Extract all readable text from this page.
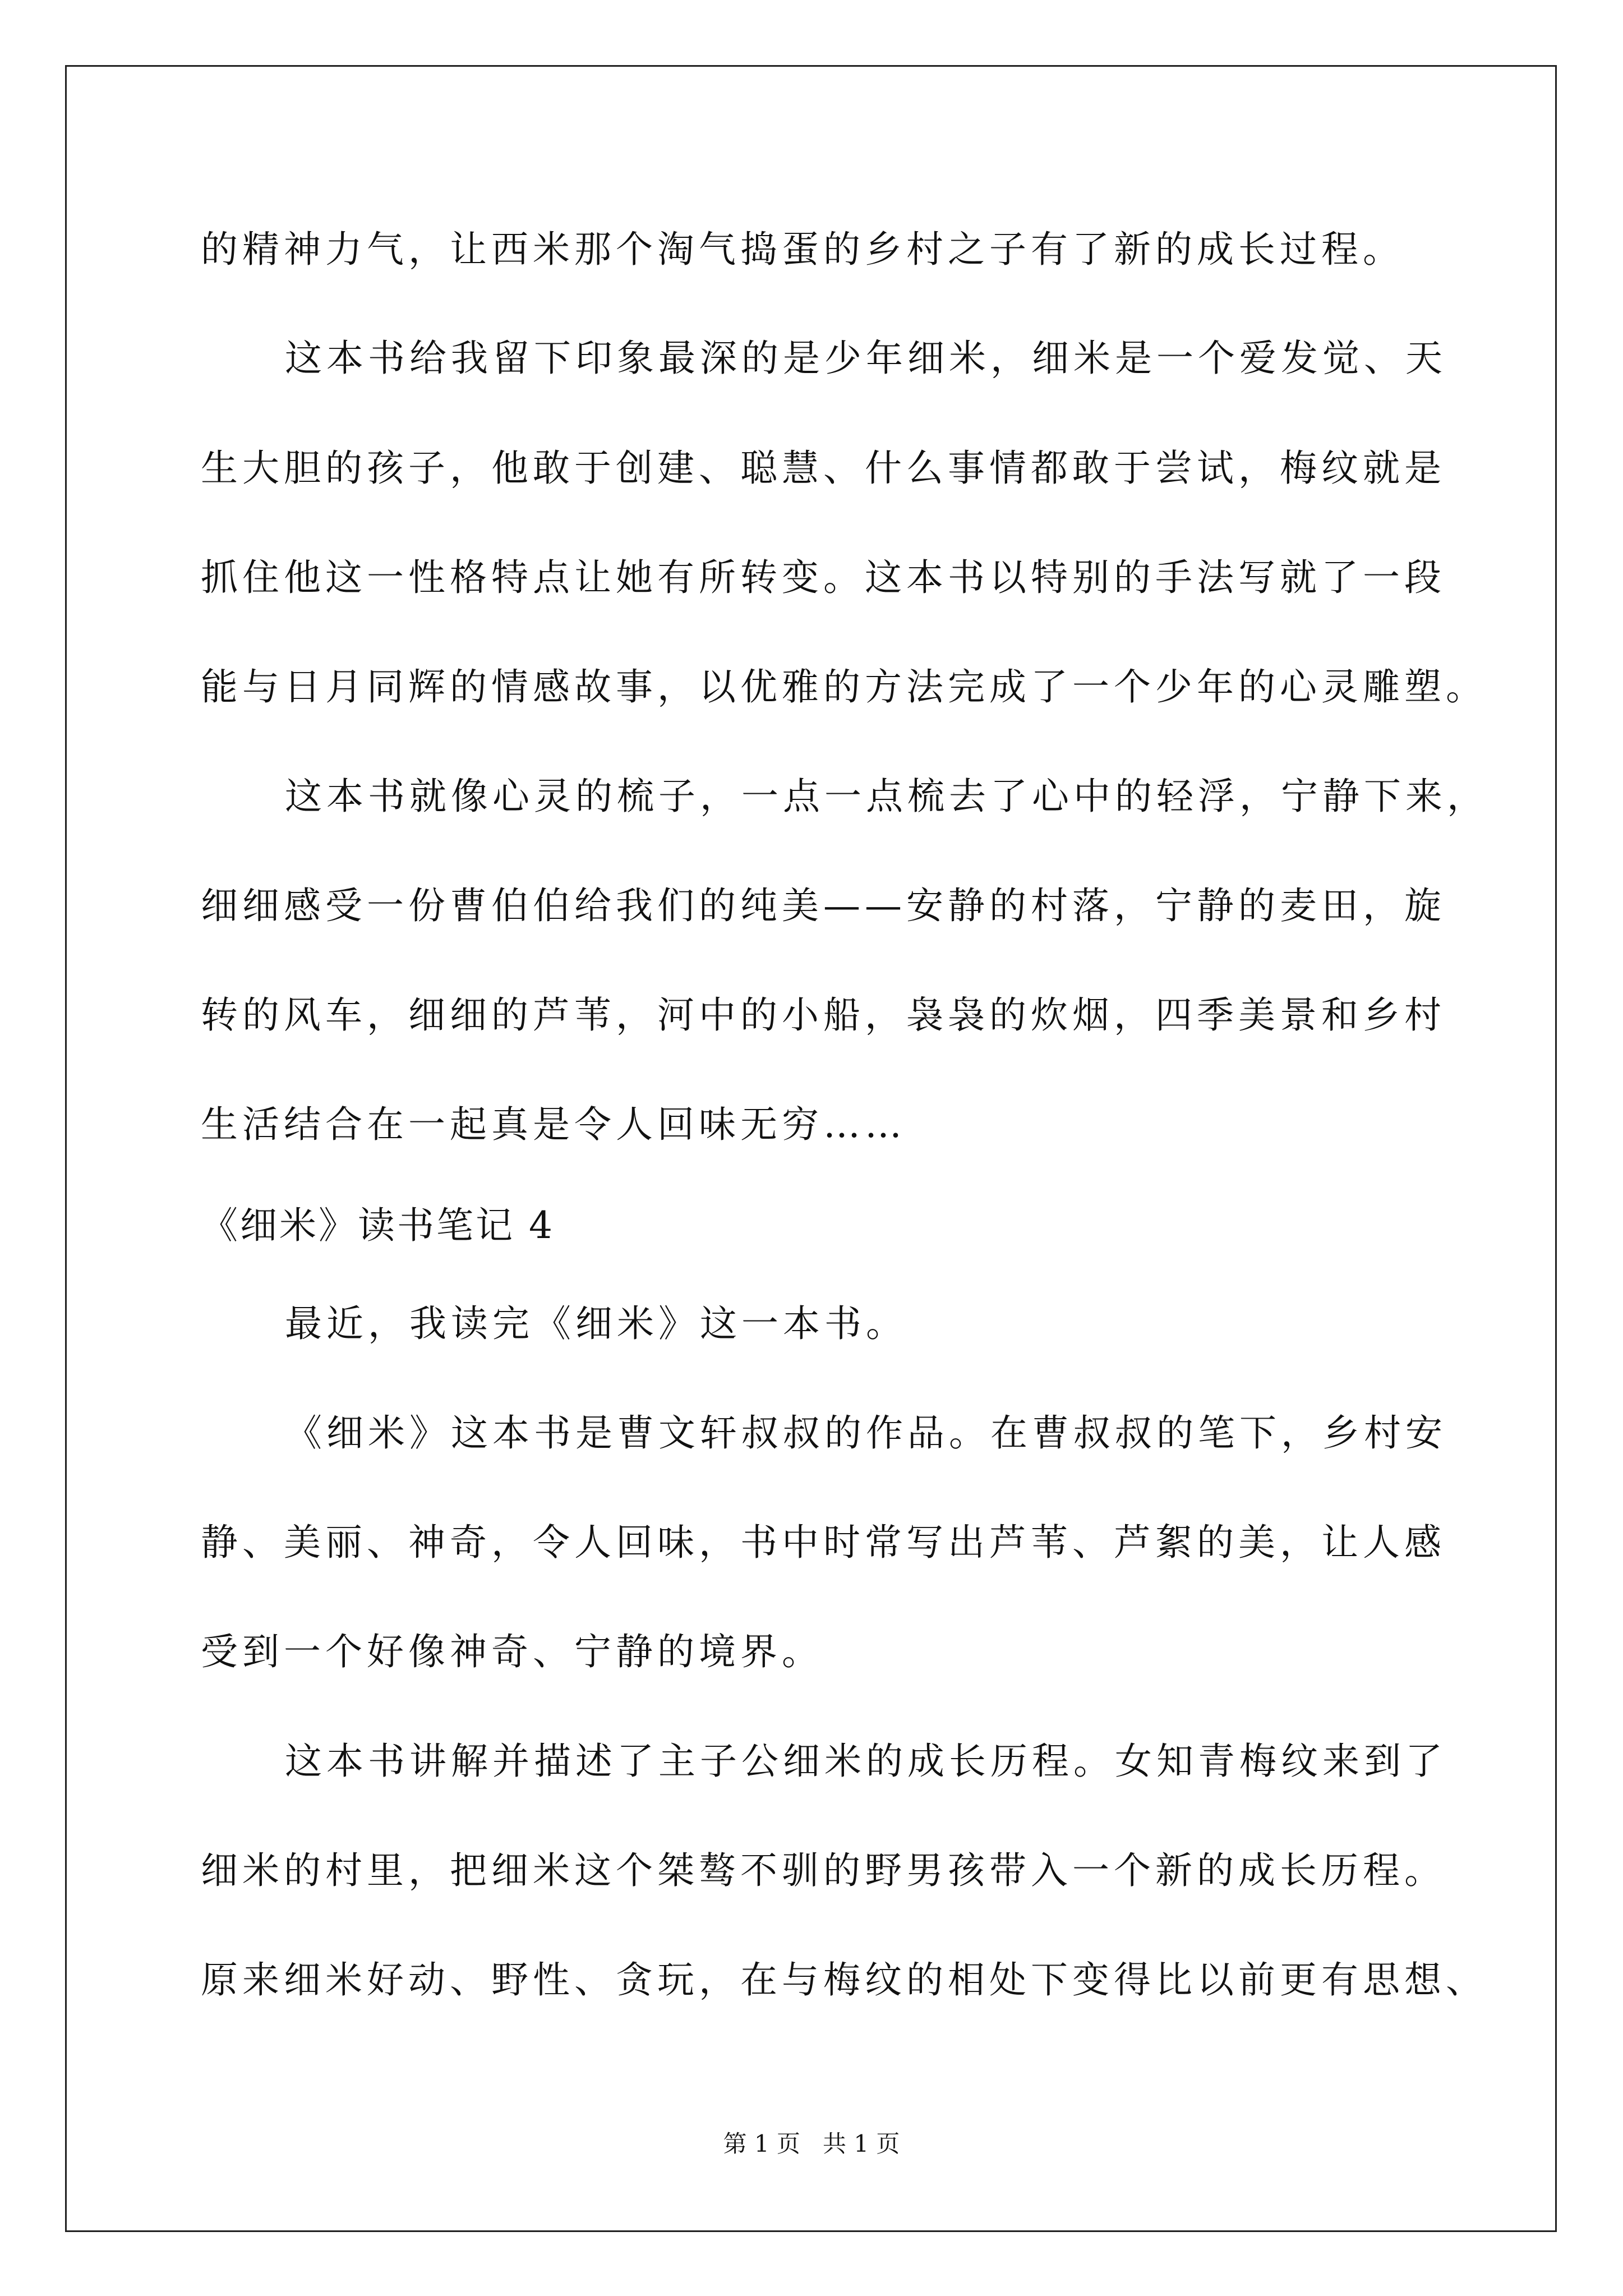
的精神力气，让西米那个淘气捣蛋的乡村之子有了新的成长过程。
这本书给我留下印象最深的是少年细米，细米是一个爱发觉、天
生大胆的孩子，他敢于创建、聪慧、什么事情都敢于尝试，梅纹就是
抓住他这一性格特点让她有所转变。这本书以特别的手法写就了一段
能与日月同辉的情感故事，以优雅的方法完成了一个少年的心灵雕塑。
这本书就像心灵的梳子，一点一点梳去了心中的轻浮，宁静下来，
细细感受一份曹伯伯给我们的纯美——安静的村落，宁静的麦田，旋
转的风车，细细的芦苇，河中的小船，袅袅的炊烟，四季美景和乡村
生活结合在一起真是令人回味无穷……
《细米》读书笔记 4
最近，我读完《细米》这一本书。
《细米》这本书是曹文轩叔叔的作品。在曹叔叔的笔下，乡村安
静、美丽、神奇，令人回味，书中时常写出芦苇、芦絮的美，让人感
受到一个好像神奇、宁静的境界。
这本书讲解并描述了主子公细米的成长历程。女知青梅纹来到了
细米的村里，把细米这个桀骜不驯的野男孩带入一个新的成长历程。
原来细米好动、野性、贪玩，在与梅纹的相处下变得比以前更有思想、
第 1 页 共 1 页
